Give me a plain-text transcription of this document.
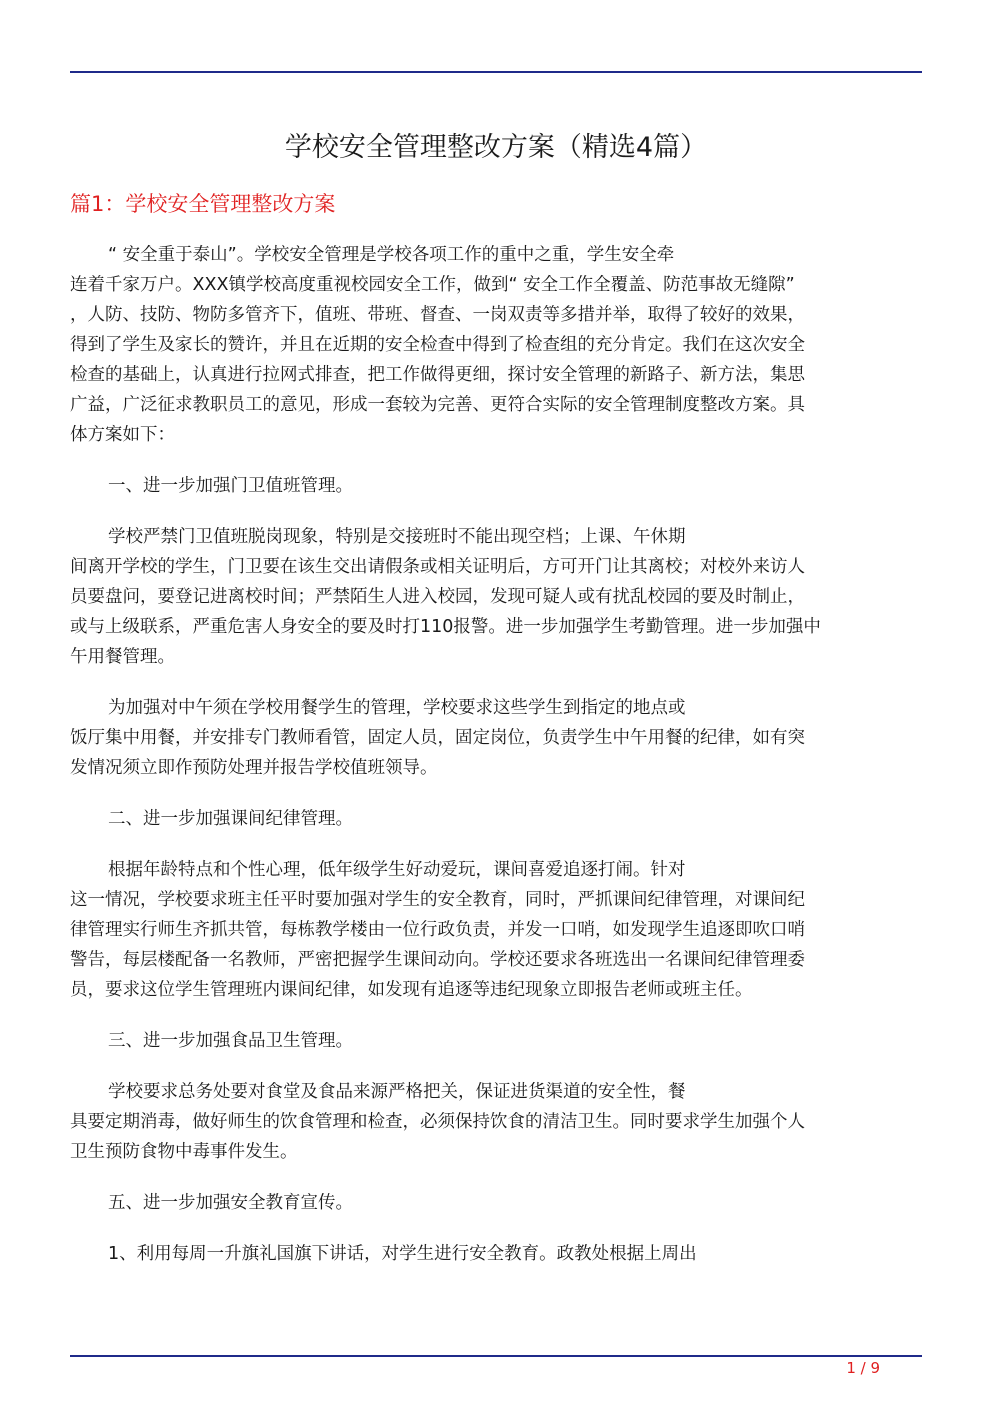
学校安全管理整改方案（精选4篇）
篇1：学校安全管理整改方案

“ 安全重于泰山”。学校安全管理是学校各项工作的重中之重，学生安全牵
连着千家万户。XXX镇学校高度重视校园安全工作，做到“ 安全工作全覆盖、防范事故无缝隙”
，人防、技防、物防多管齐下，值班、带班、督查、一岗双责等多措并举，取得了较好的效果，
得到了学生及家长的赞许，并且在近期的安全检查中得到了检查组的充分肯定。我们在这次安全
检查的基础上，认真进行拉网式排查，把工作做得更细，探讨安全管理的新路子、新方法，集思
广益，广泛征求教职员工的意见，形成一套较为完善、更符合实际的安全管理制度整改方案。具
体方案如下：

一、进一步加强门卫值班管理。

学校严禁门卫值班脱岗现象，特别是交接班时不能出现空档；上课、午休期
间离开学校的学生，门卫要在该生交出请假条或相关证明后，方可开门让其离校；对校外来访人
员要盘问，要登记进离校时间；严禁陌生人进入校园，发现可疑人或有扰乱校园的要及时制止，
或与上级联系，严重危害人身安全的要及时打110报警。进一步加强学生考勤管理。进一步加强中
午用餐管理。

为加强对中午须在学校用餐学生的管理，学校要求这些学生到指定的地点或
饭厅集中用餐，并安排专门教师看管，固定人员，固定岗位，负责学生中午用餐的纪律，如有突
发情况须立即作预防处理并报告学校值班领导。

二、进一步加强课间纪律管理。

根据年龄特点和个性心理，低年级学生好动爱玩，课间喜爱追逐打闹。针对
这一情况，学校要求班主任平时要加强对学生的安全教育，同时，严抓课间纪律管理，对课间纪
律管理实行师生齐抓共管，每栋教学楼由一位行政负责，并发一口哨，如发现学生追逐即吹口哨
警告，每层楼配备一名教师，严密把握学生课间动向。学校还要求各班选出一名课间纪律管理委
员，要求这位学生管理班内课间纪律，如发现有追逐等违纪现象立即报告老师或班主任。

三、进一步加强食品卫生管理。

学校要求总务处要对食堂及食品来源严格把关，保证进货渠道的安全性，餐
具要定期消毒，做好师生的饮食管理和检查，必须保持饮食的清洁卫生。同时要求学生加强个人
卫生预防食物中毒事件发生。

五、进一步加强安全教育宣传。

1、利用每周一升旗礼国旗下讲话，对学生进行安全教育。政教处根据上周出

1 / 9
